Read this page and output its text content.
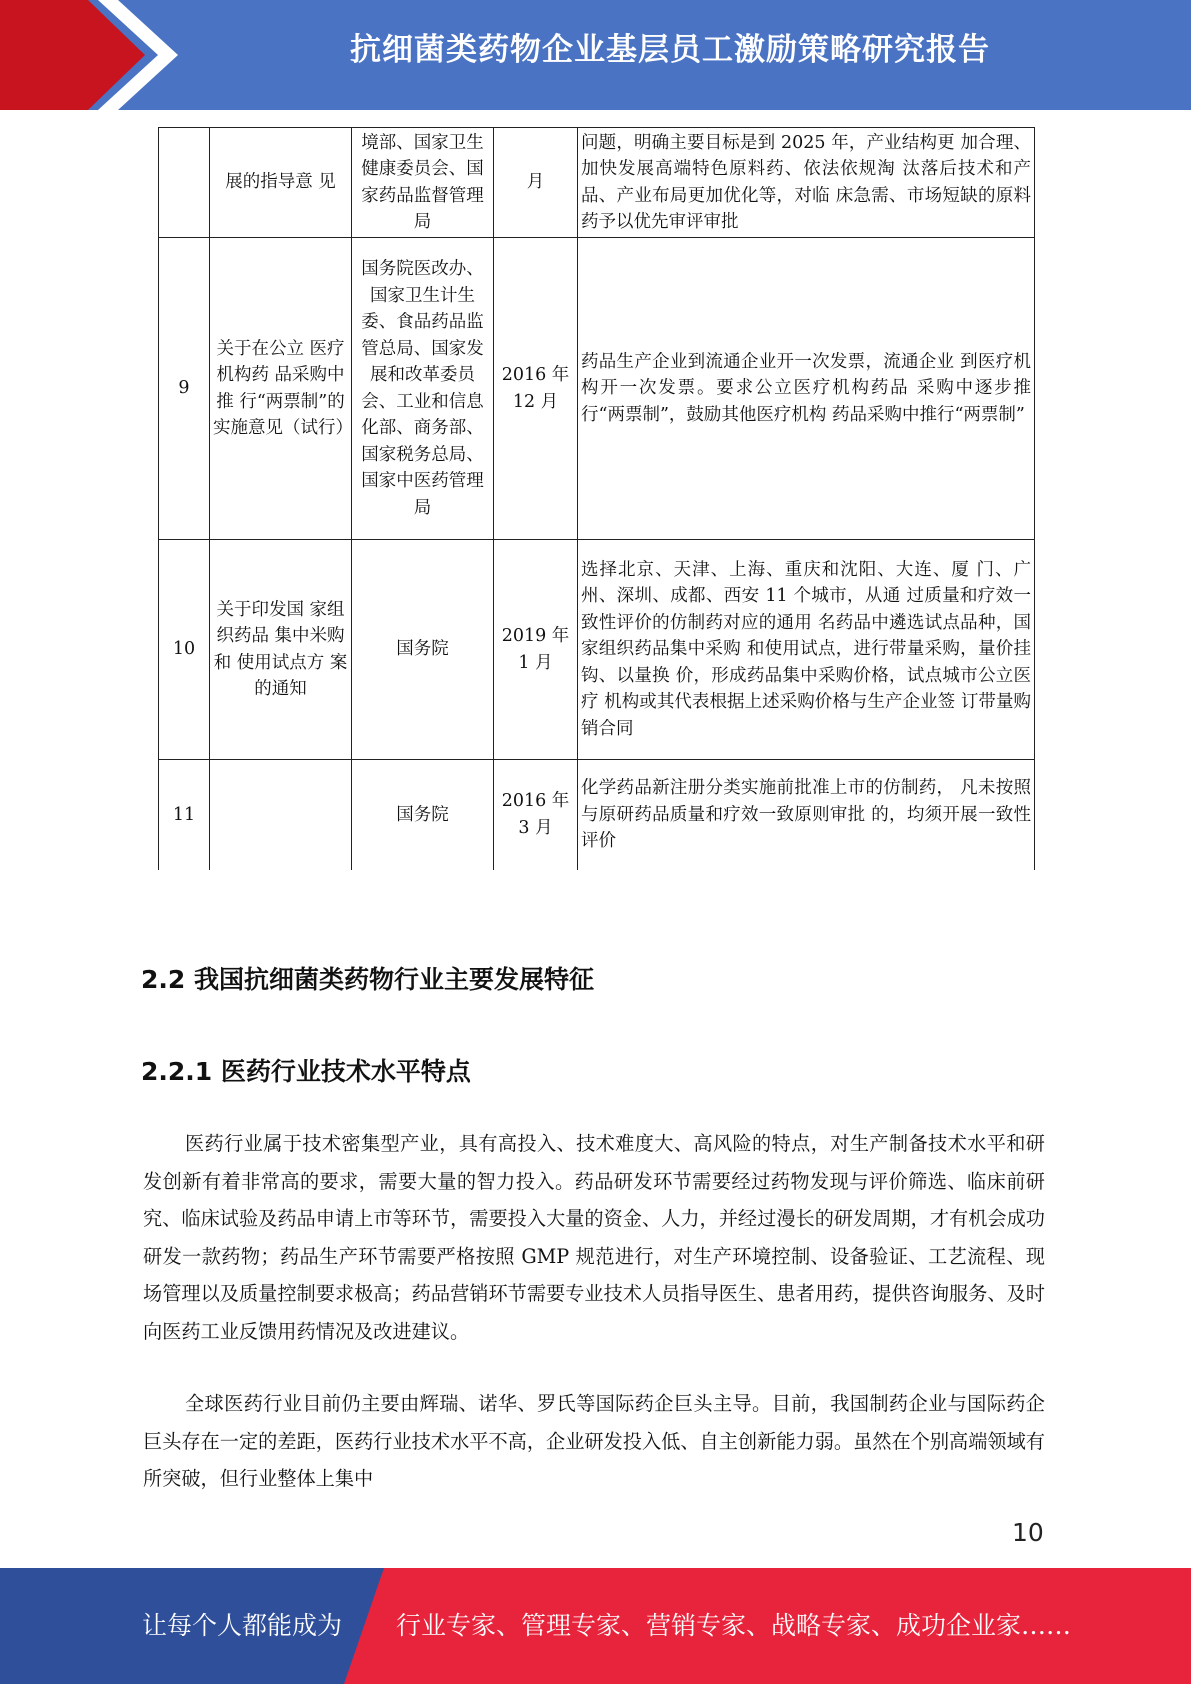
抗细菌类药物企业基层员工激励策略研究报告
	展的指导意 见	境部、国家卫生健康委员会、国家药品监督管理局	月	问题，明确主要目标是到 2025 年，产业结构更 加合理、加快发展高端特色原料药、依法依规淘 汰落后技术和产品、产业布局更加优化等，对临 床急需、市场短缺的原料药予以优先审评审批
9	关于在公立 医疗机构药 品采购中推 行“两票制”的实施意见（试行）	国务院医改办、国家卫生计生委、食品药品监管总局、国家发展和改革委员会、工业和信息化部、商务部、国家税务总局、国家中医药管理局	2016 年 12 月	药品生产企业到流通企业开一次发票，流通企业 到医疗机构开一次发票。要求公立医疗机构药品 采购中逐步推行“两票制”，鼓励其他医疗机构 药品采购中推行“两票制”
10	关于印发国 家组织药品 集中米购和 使用试点方 案的通知	国务院	2019 年 1 月	选择北京、天津、上海、重庆和沈阳、大连、厦 门、广州、深圳、成都、西安 11 个城市，从通 过质量和疗效一致性评价的仿制药对应的通用 名药品中遴选试点品种，国家组织药品集中采购 和使用试点，进行带量采购，量价挂钩、以量换 价，形成药品集中采购价格，试点城市公立医疗 机构或其代表根据上述采购价格与生产企业签 订带量购销合同
11		国务院	2016 年 3 月	化学药品新注册分类实施前批准上市的仿制药， 凡未按照与原研药品质量和疗效一致原则审批 的，均须开展一致性评价
2.2 我国抗细菌类药物行业主要发展特征
2.2.1 医药行业技术水平特点

医药行业属于技术密集型产业，具有高投入、技术难度大、高风险的特点，对生产制备技术水平和研发创新有着非常高的要求，需要大量的智力投入。药品研发环节需要经过药物发现与评价筛选、临床前研究、临床试验及药品申请上市等环节，需要投入大量的资金、人力，并经过漫长的研发周期，才有机会成功研发一款药物；药品生产环节需要严格按照 GMP 规范进行，对生产环境控制、设备验证、工艺流程、现场管理以及质量控制要求极高；药品营销环节需要专业技术人员指导医生、患者用药，提供咨询服务、及时向医药工业反馈用药情况及改进建议。

全球医药行业目前仍主要由辉瑞、诺华、罗氏等国际药企巨头主导。目前，我国制药企业与国际药企巨头存在一定的差距，医药行业技术水平不高，企业研发投入低、自主创新能力弱。虽然在个别高端领域有所突破，但行业整体上集中

10
让每个人都能成为 行业专家、管理专家、营销专家、战略专家、成功企业家……
